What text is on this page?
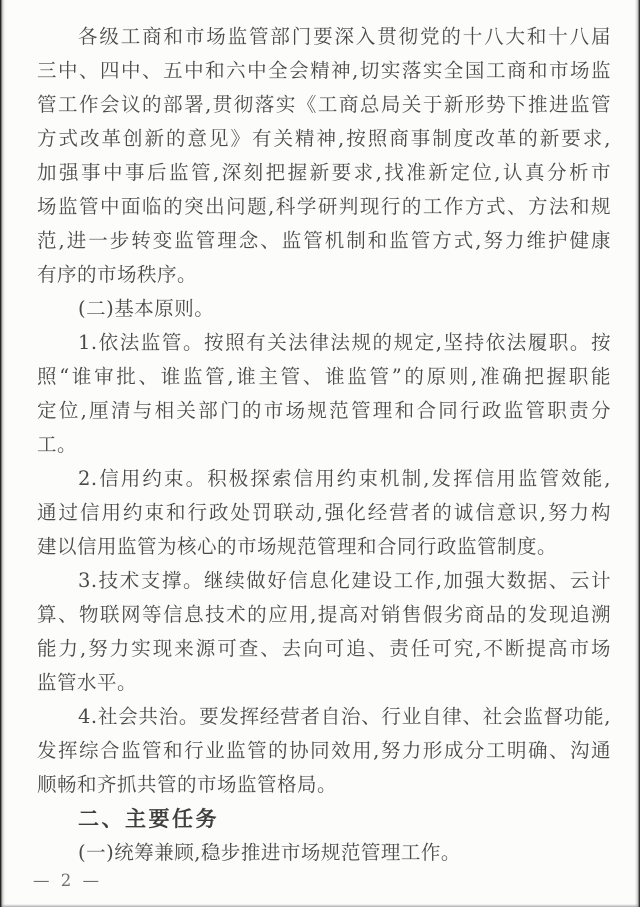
各级工商和市场监管部门要深入贯彻党的十八大和十八届
三中、四中、五中和六中全会精神,切实落实全国工商和市场监
管工作会议的部署,贯彻落实《工商总局关于新形势下推进监管
方式改革创新的意见》有关精神,按照商事制度改革的新要求,
加强事中事后监管,深刻把握新要求,找准新定位,认真分析市
场监管中面临的突出问题,科学研判现行的工作方式、方法和规
范,进一步转变监管理念、监管机制和监管方式,努力维护健康
有序的市场秩序。
(二)基本原则。
1.依法监管。按照有关法律法规的规定,坚持依法履职。按
照“谁审批、谁监管,谁主管、谁监管”的原则,准确把握职能
定位,厘清与相关部门的市场规范管理和合同行政监管职责分
工。
2.信用约束。积极探索信用约束机制,发挥信用监管效能,
通过信用约束和行政处罚联动,强化经营者的诚信意识,努力构
建以信用监管为核心的市场规范管理和合同行政监管制度。
3.技术支撑。继续做好信息化建设工作,加强大数据、云计
算、物联网等信息技术的应用,提高对销售假劣商品的发现追溯
能力,努力实现来源可查、去向可追、责任可究,不断提高市场
监管水平。
4.社会共治。要发挥经营者自治、行业自律、社会监督功能,
发挥综合监管和行业监管的协同效用,努力形成分工明确、沟通
顺畅和齐抓共管的市场监管格局。
二、主要任务
(一)统筹兼顾,稳步推进市场规范管理工作。
— 2 —
